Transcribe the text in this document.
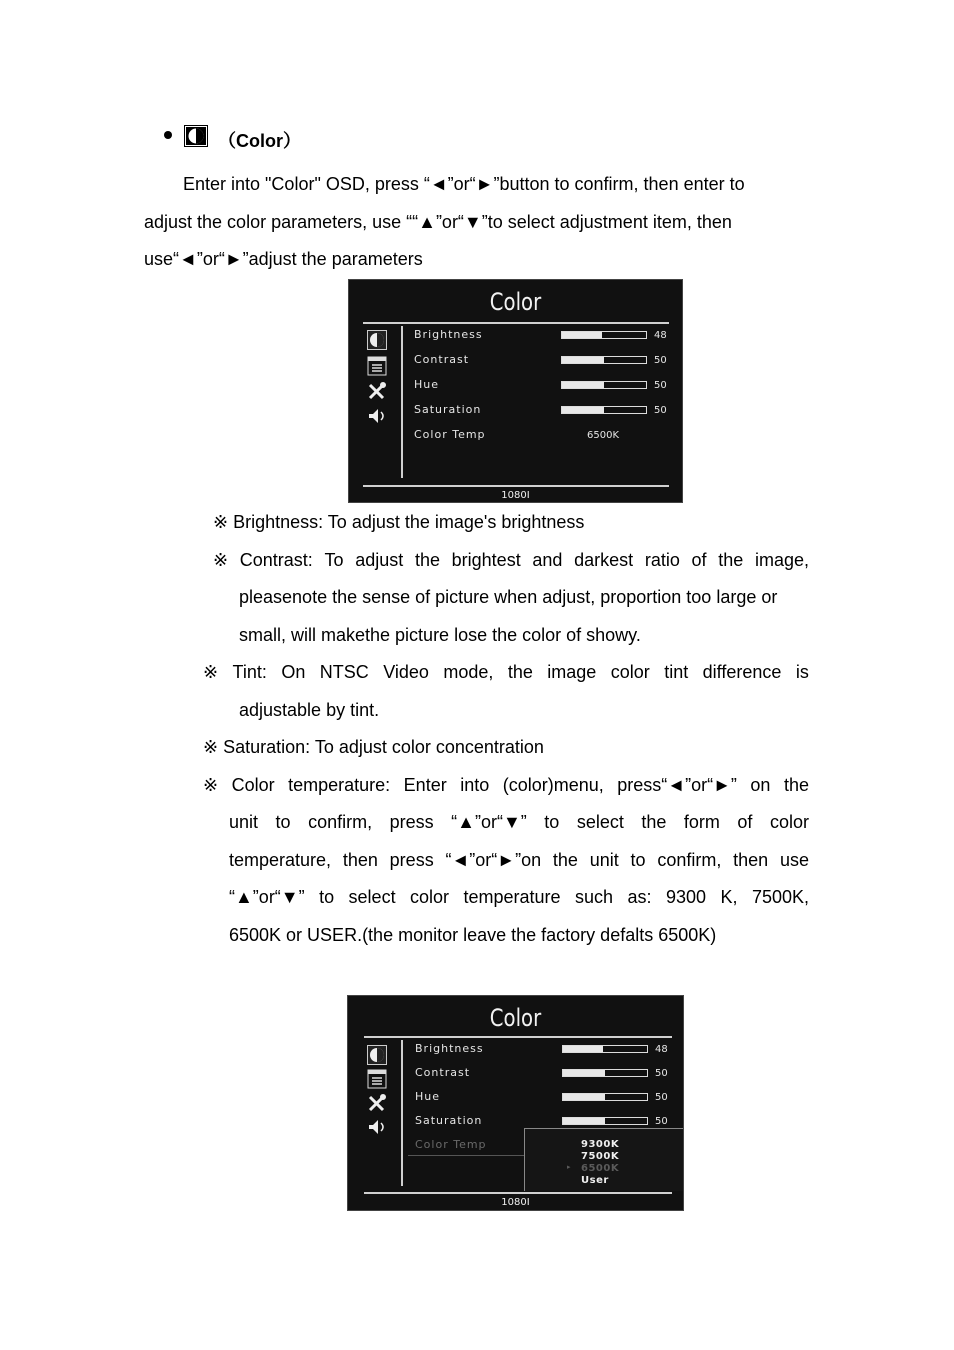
（Color）
Enter into "Color" OSD, press “◄”or“►”button to confirm, then enter to
adjust the color parameters, use ““▲”or“▼”to select adjustment item, then
use“◄”or“►”adjust the parameters
Color
Brightness
Contrast
Hue
Saturation
Color Temp
48
50
50
50
6500K
1080I
※ Brightness: To adjust the image's brightness
※ Contrast: To adjust the brightest and darkest ratio of the image,
pleasenote the sense of picture when adjust, proportion too large or
small, will makethe picture lose the color of showy.
※ Tint: On NTSC Video mode, the image color tint difference is
adjustable by tint.
※ Saturation: To adjust color concentration
※ Color temperature: Enter into (color)menu, press“◄”or“►” on the
unit to confirm, press “▲”or“▼” to select the form of color
temperature, then press “◄”or“►”on the unit to confirm, then use
“▲”or“▼” to select color temperature such as: 9300 K, 7500K,
6500K or USER.(the monitor leave the factory defalts 6500K)
Color
Brightness
Contrast
Hue
Saturation
Color Temp
48
50
50
50
9300K
7500K
▸ 6500K
User
1080I
